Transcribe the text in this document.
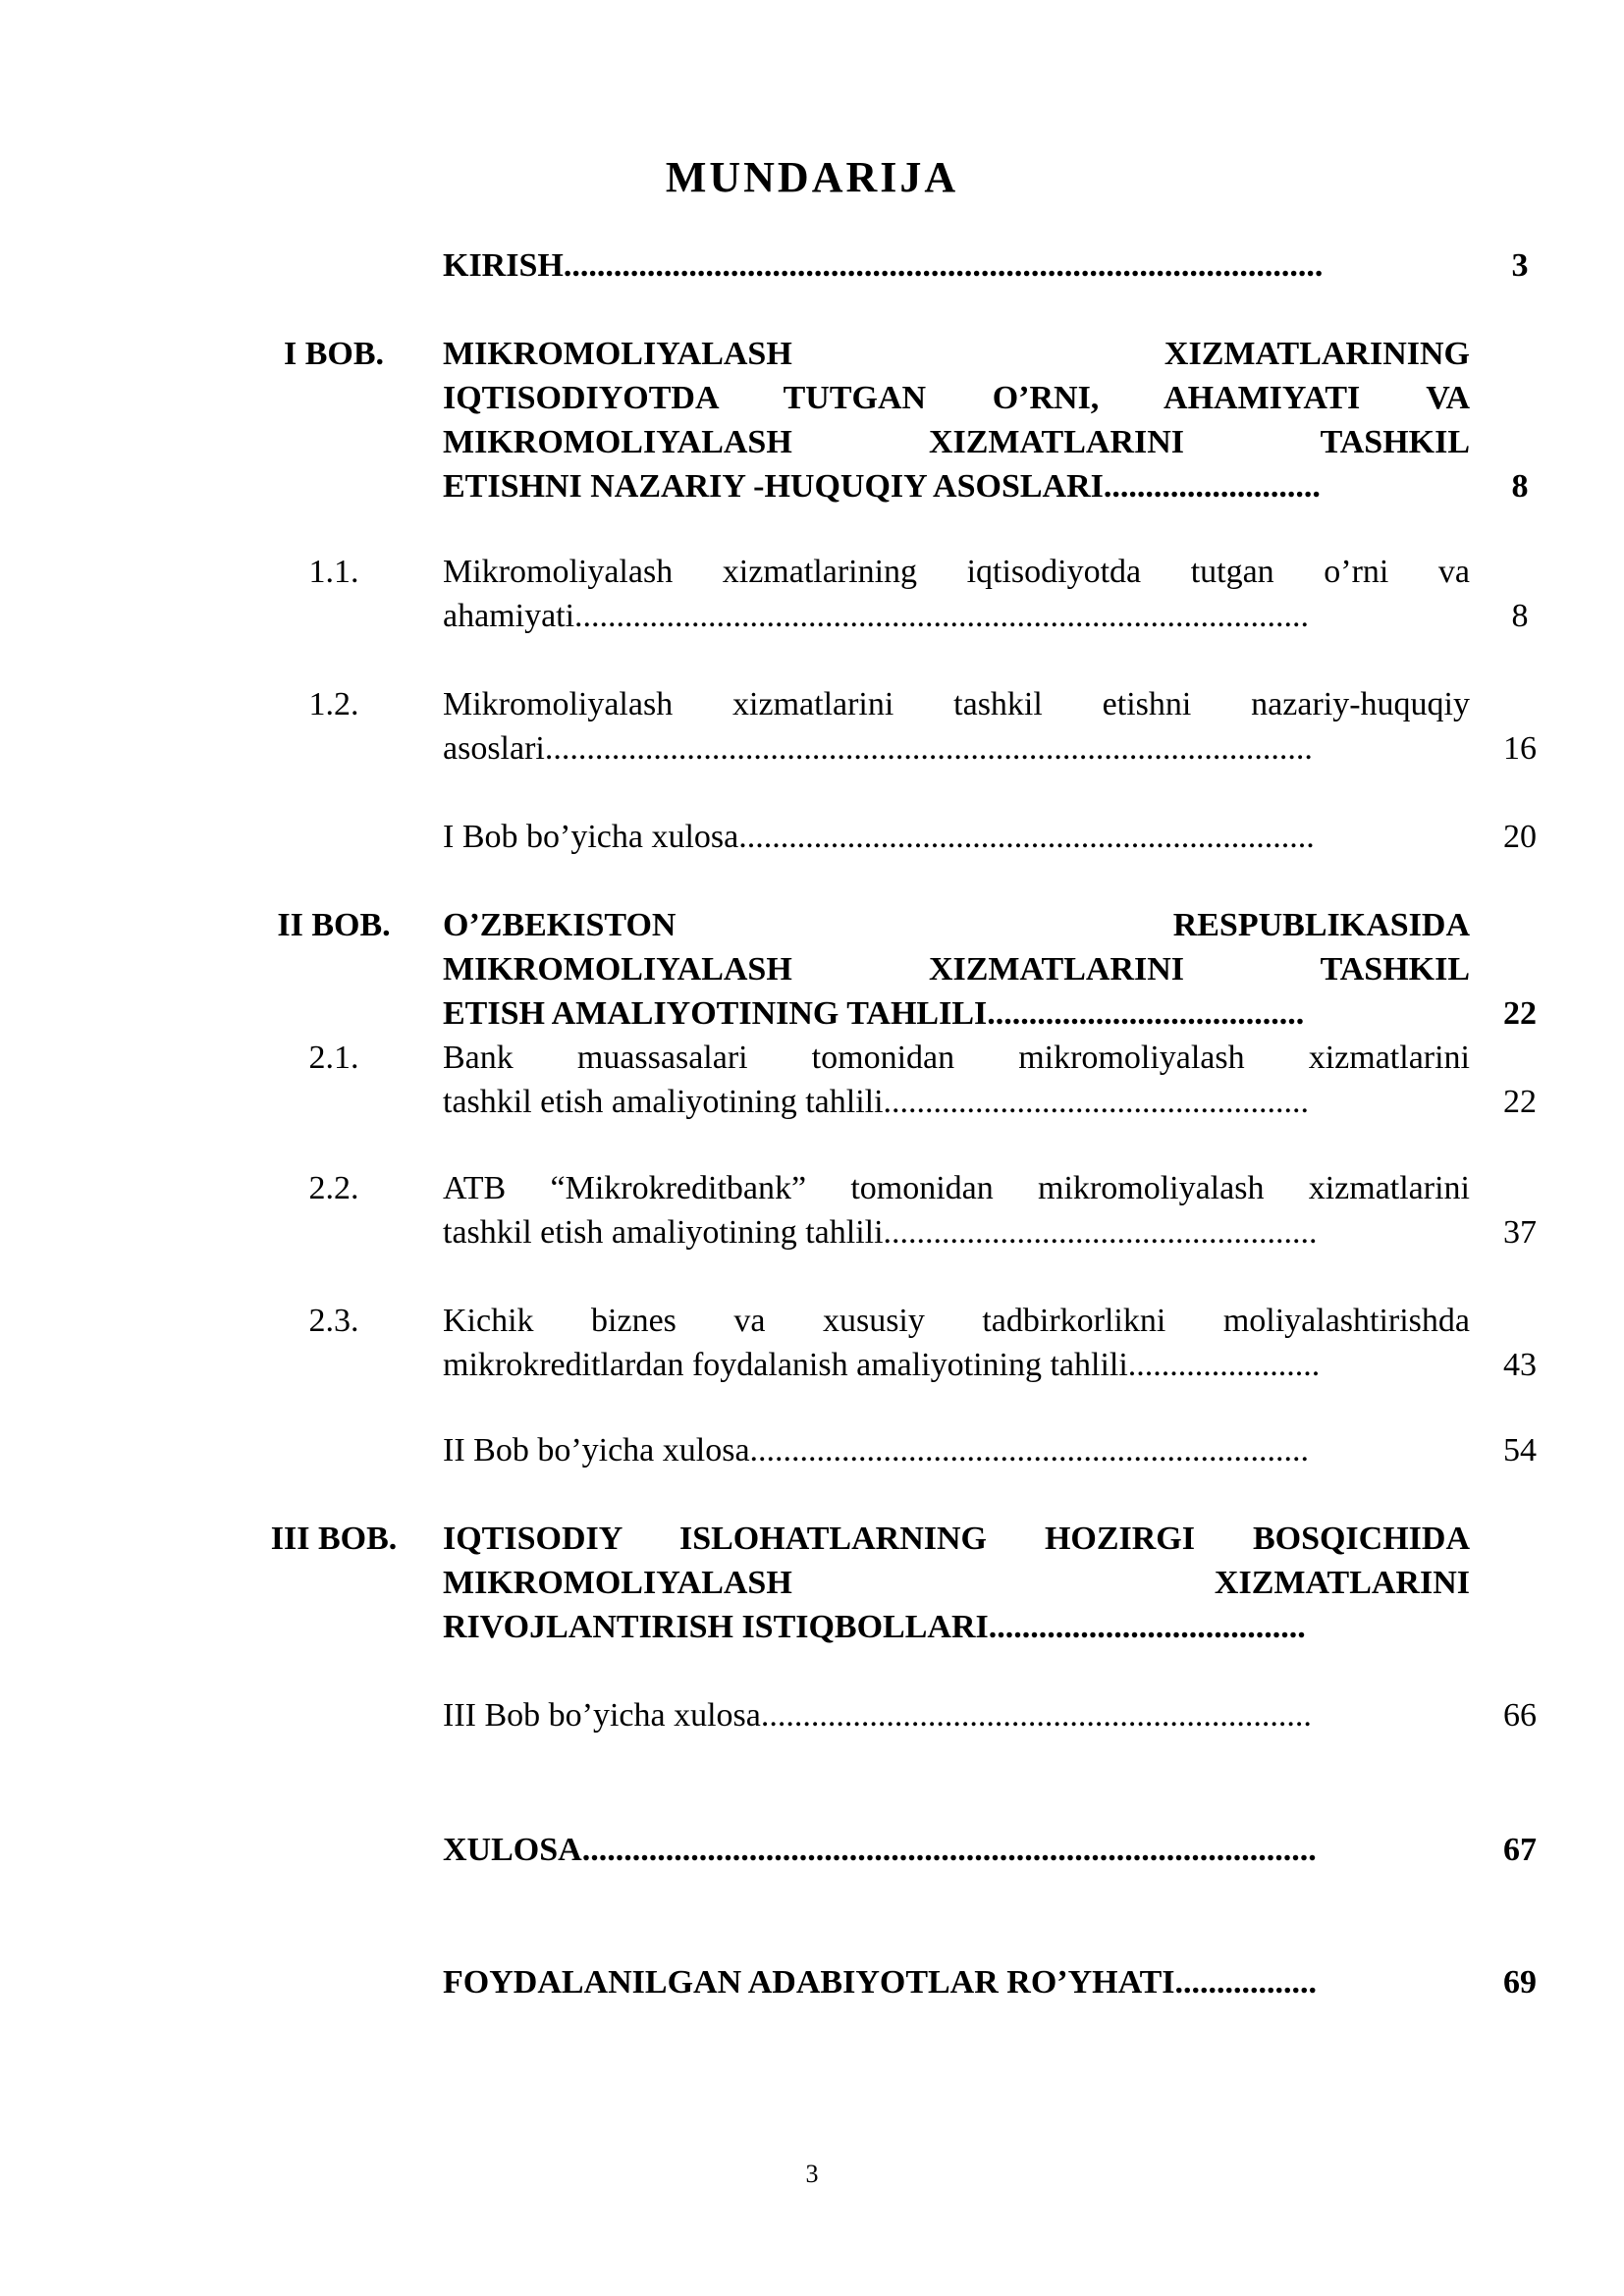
MUNDARIJA
KIRISH...........................................................................................	3
I BOB.	MIKROMOLIYALASH XIZMATLARINING
IQTISODIYOTDA TUTGAN O’RNI, AHAMIYATI VA
MIKROMOLIYALASH XIZMATLARINI TASHKIL
ETISHNI NAZARIY -HUQUQIY ASOSLARI..........................	8
1.1.	Mikromoliyalash xizmatlarining iqtisodiyotda tutgan o’rni va
ahamiyati........................................................................................	8
1.2.	Mikromoliyalash xizmatlarini tashkil etishni nazariy-huquqiy
asoslari............................................................................................	16
I Bob bo’yicha xulosa.....................................................................	20
II BOB.	O’ZBEKISTON RESPUBLIKASIDA
MIKROMOLIYALASH XIZMATLARINI TASHKIL
ETISH AMALIYOTINING TAHLILI......................................	22
2.1.	Bank muassasalari tomonidan mikromoliyalash xizmatlarini
tashkil etish amaliyotining tahlili...................................................	22
2.2.	ATB “Mikrokreditbank” tomonidan mikromoliyalash xizmatlarini
tashkil etish amaliyotining tahlili....................................................	37
2.3.	Kichik biznes va xususiy tadbirkorlikni moliyalashtirishda
mikrokreditlardan foydalanish amaliyotining tahlili.......................	43
II Bob bo’yicha xulosa...................................................................	54
III BOB.	IQTISODIY ISLOHATLARNING HOZIRGI BOSQICHIDA
MIKROMOLIYALASH XIZMATLARINI
RIVOJLANTIRISH ISTIQBOLLARI......................................
III Bob bo’yicha xulosa..................................................................	66
XULOSA........................................................................................	67
FOYDALANILGAN ADABIYOTLAR RO’YHATI.................	69
3
